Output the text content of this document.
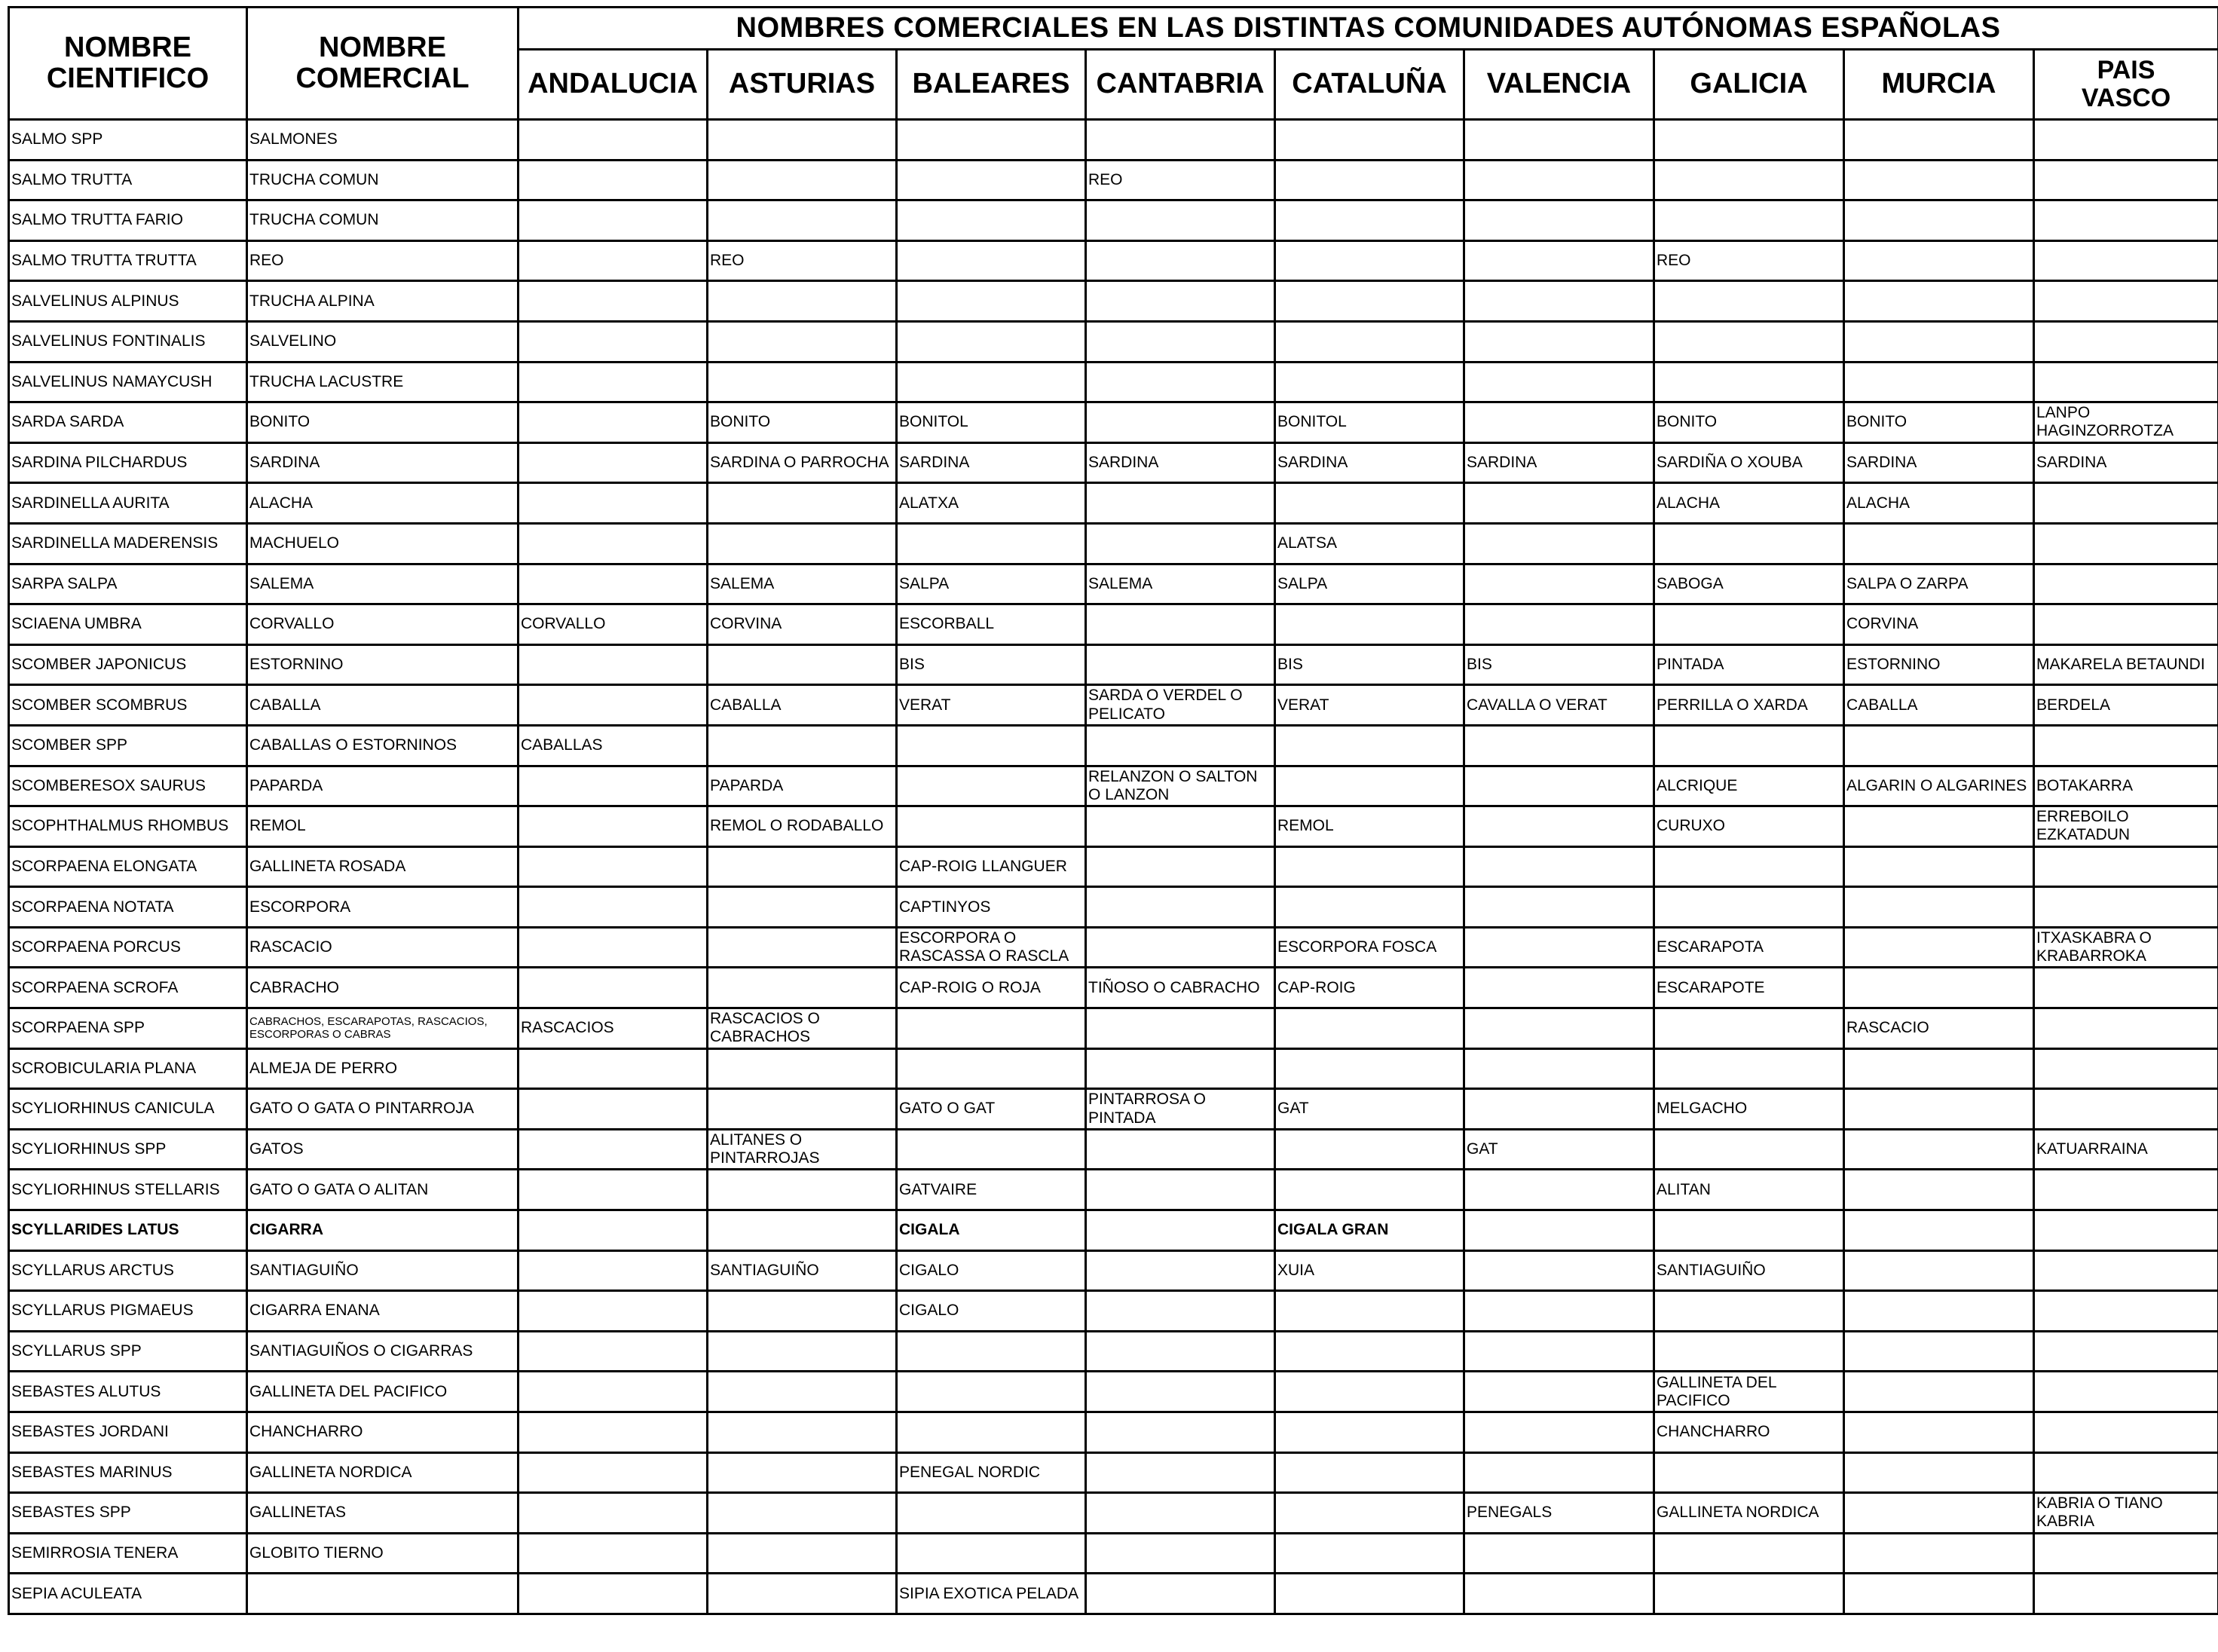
NOMBRE CIENTIFICO	NOMBRE COMERCIAL	NOMBRES COMERCIALES EN LAS DISTINTAS COMUNIDADES AUTÓNOMAS ESPAÑOLAS								
		ANDALUCIA	ASTURIAS	BALEARES	CANTABRIA	CATALUÑA	VALENCIA	GALICIA	MURCIA	PAIS VASCO
SALMO SPP	SALMONES									
SALMO TRUTTA	TRUCHA COMUN				REO					
SALMO TRUTTA FARIO	TRUCHA COMUN									
SALMO TRUTTA TRUTTA	REO		REO					REO		
SALVELINUS ALPINUS	TRUCHA ALPINA									
SALVELINUS FONTINALIS	SALVELINO									
SALVELINUS NAMAYCUSH	TRUCHA LACUSTRE									
SARDA SARDA	BONITO		BONITO	BONITOL		BONITOL		BONITO	BONITO	LANPO HAGINZORROTZA
SARDINA PILCHARDUS	SARDINA		SARDINA O PARROCHA	SARDINA	SARDINA	SARDINA	SARDINA	SARDIÑA O XOUBA	SARDINA	SARDINA
SARDINELLA AURITA	ALACHA			ALATXA				ALACHA	ALACHA	
SARDINELLA MADERENSIS	MACHUELO					ALATSA				
SARPA SALPA	SALEMA		SALEMA	SALPA	SALEMA	SALPA		SABOGA	SALPA O ZARPA	
SCIAENA UMBRA	CORVALLO	CORVALLO	CORVINA	ESCORBALL					CORVINA	
SCOMBER JAPONICUS	ESTORNINO			BIS		BIS	BIS	PINTADA	ESTORNINO	MAKARELA BETAUNDI
SCOMBER SCOMBRUS	CABALLA		CABALLA	VERAT	SARDA O VERDEL O PELICATO	VERAT	CAVALLA O VERAT	PERRILLA O XARDA	CABALLA	BERDELA
SCOMBER SPP	CABALLAS O ESTORNINOS	CABALLAS								
SCOMBERESOX SAURUS	PAPARDA		PAPARDA		RELANZON O SALTON O LANZON			ALCRIQUE	ALGARIN O ALGARINES	BOTAKARRA
SCOPHTHALMUS RHOMBUS	REMOL		REMOL O RODABALLO			REMOL		CURUXO		ERREBOILO EZKATADUN
SCORPAENA ELONGATA	GALLINETA ROSADA			CAP-ROIG LLANGUER						
SCORPAENA NOTATA	ESCORPORA			CAPTINYOS						
SCORPAENA PORCUS	RASCACIO			ESCORPORA O RASCASSA O RASCLA		ESCORPORA FOSCA		ESCARAPOTA		ITXASKABRA O KRABARROKA
SCORPAENA SCROFA	CABRACHO			CAP-ROIG O ROJA	TIÑOSO O CABRACHO	CAP-ROIG		ESCARAPOTE		
SCORPAENA SPP	CABRACHOS, ESCARAPOTAS, RASCACIOS, ESCORPORAS O CABRAS	RASCACIOS	RASCACIOS O CABRACHOS						RASCACIO	
SCROBICULARIA PLANA	ALMEJA DE PERRO									
SCYLIORHINUS CANICULA	GATO O GATA O PINTARROJA			GATO O GAT	PINTARROSA O PINTADA	GAT		MELGACHO		
SCYLIORHINUS SPP	GATOS		ALITANES O PINTARROJAS				GAT			KATUARRAINA
SCYLIORHINUS STELLARIS	GATO O GATA O ALITAN			GATVAIRE				ALITAN		
SCYLLARIDES LATUS	CIGARRA			CIGALA		CIGALA GRAN				
SCYLLARUS ARCTUS	SANTIAGUIÑO		SANTIAGUIÑO	CIGALO		XUIA		SANTIAGUIÑO		
SCYLLARUS PIGMAEUS	CIGARRA ENANA			CIGALO						
SCYLLARUS SPP	SANTIAGUIÑOS O CIGARRAS									
SEBASTES ALUTUS	GALLINETA DEL PACIFICO							GALLINETA DEL PACIFICO		
SEBASTES JORDANI	CHANCHARRO							CHANCHARRO		
SEBASTES MARINUS	GALLINETA NORDICA			PENEGAL NORDIC						
SEBASTES SPP	GALLINETAS						PENEGALS	GALLINETA NORDICA		KABRIA O TIANO KABRIA
SEMIRROSIA TENERA	GLOBITO TIERNO									
SEPIA ACULEATA				SIPIA EXOTICA PELADA						
